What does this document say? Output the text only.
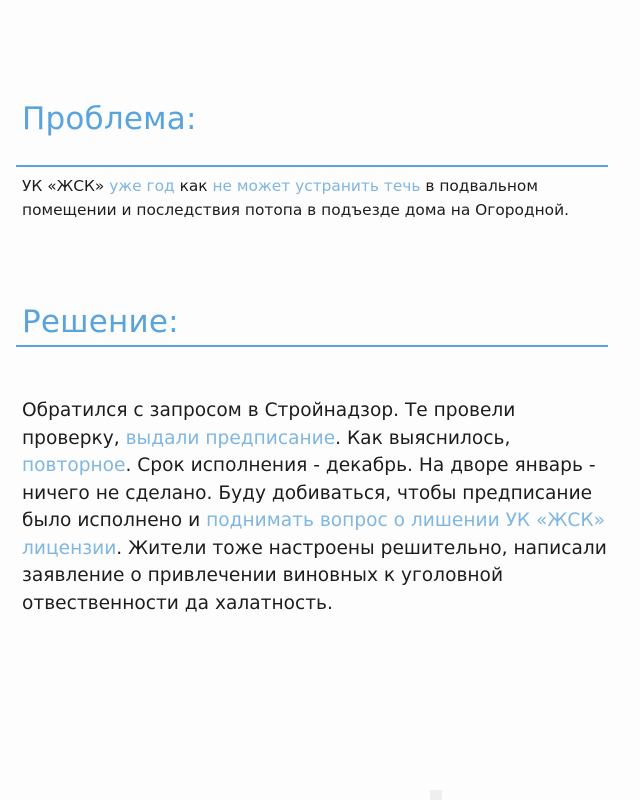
Проблема:

УК «ЖСК» уже год как не может устранить течь в подвальном помещении и последствия потопа в подъезде дома на Огородной.

Решение:

Обратился с запросом в Стройнадзор. Те провели проверку, выдали предписание. Как выяснилось, повторное. Срок исполнения - декабрь. На дворе январь - ничего не сделано. Буду добиваться, чтобы предписание было исполнено и поднимать вопрос о лишении УК «ЖСК» лицензии. Жители тоже настроены решительно, написали заявление о привлечении виновных к уголовной отвественности да халатность.
